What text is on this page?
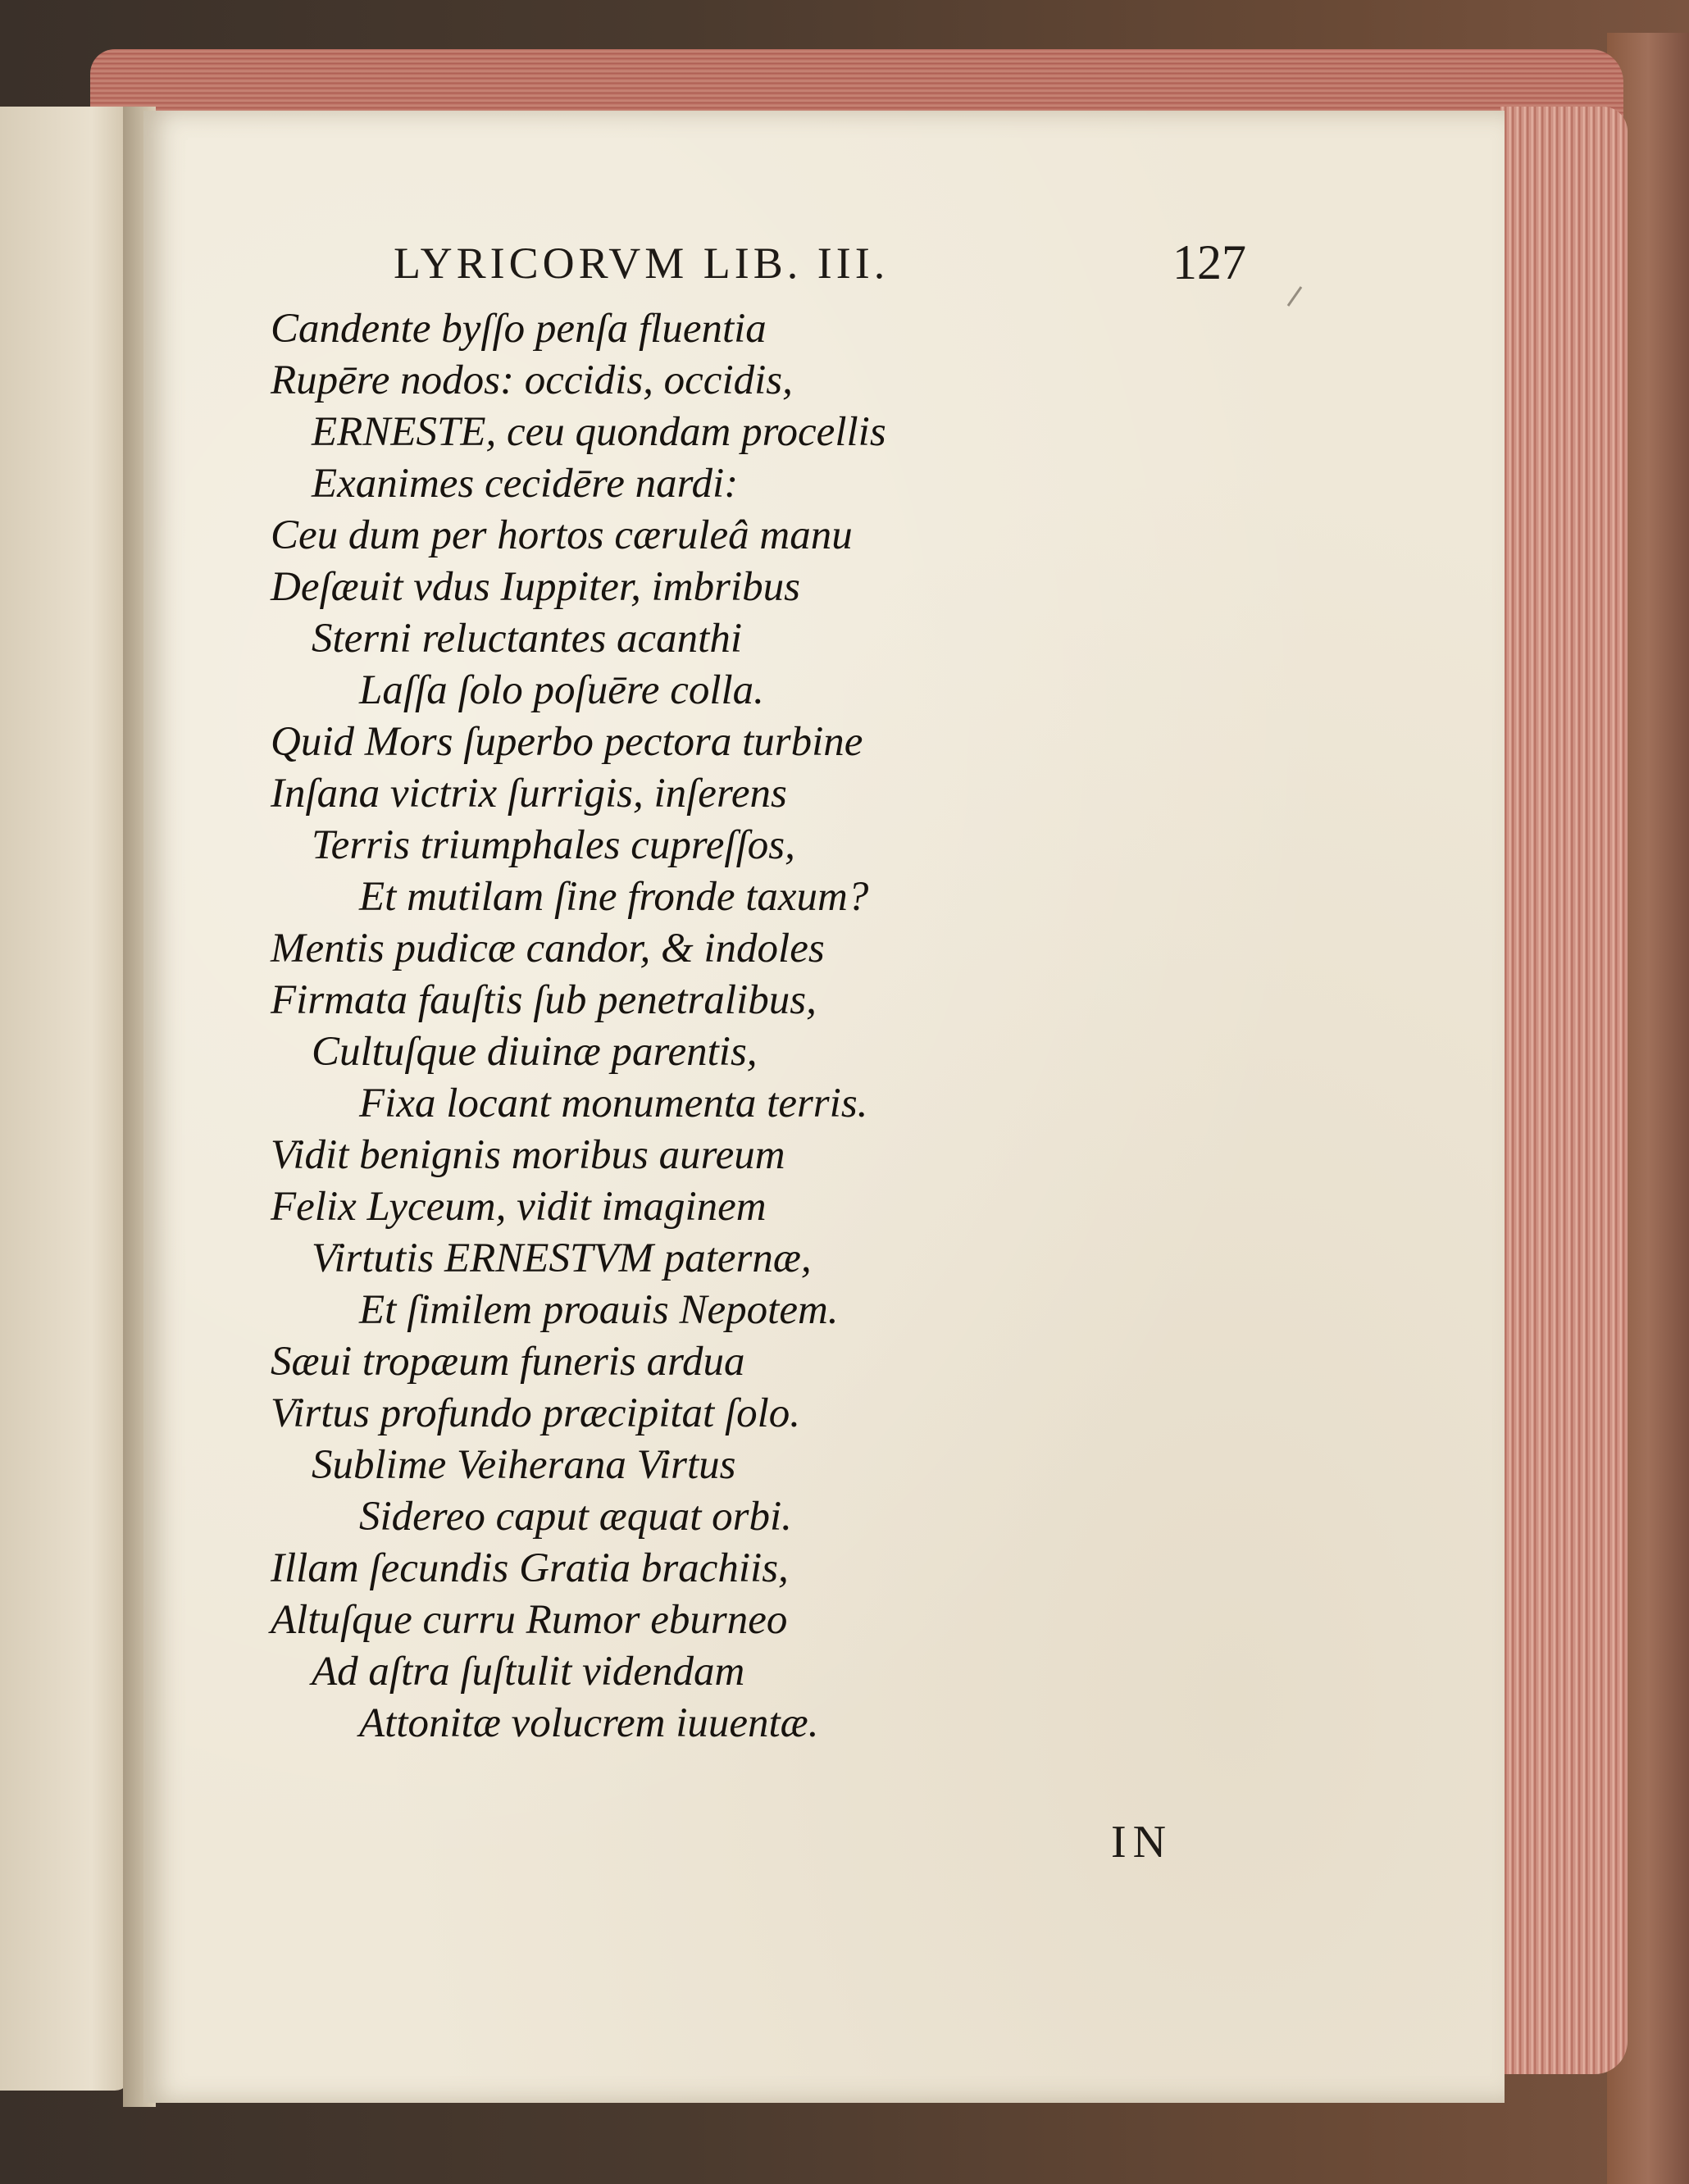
LYRICORVM LIB. III.	127
Candente byſſo penſa fluentia
Rupēre nodos: occidis, occidis,
ERNESTE, ceu quondam procellis
Exanimes cecidēre nardi:
Ceu dum per hortos cæruleâ manu
Deſæuit vdus Iuppiter, imbribus
Sterni reluctantes acanthi
Laſſa ſolo poſuēre colla.
Quid Mors ſuperbo pectora turbine
Inſana victrix ſurrigis, inſerens
Terris triumphales cupreſſos,
Et mutilam ſine fronde taxum?
Mentis pudicæ candor, & indoles
Firmata fauſtis ſub penetralibus,
Cultuſque diuinæ parentis,
Fixa locant monumenta terris.
Vidit benignis moribus aureum
Felix Lyceum, vidit imaginem
Virtutis ERNESTVM paternæ,
Et ſimilem proauis Nepotem.
Sæui tropæum funeris ardua
Virtus profundo præcipitat ſolo.
Sublime Veiherana Virtus
Sidereo caput æquat orbi.
Illam ſecundis Gratia brachiis,
Altuſque curru Rumor eburneo
Ad aſtra ſuſtulit videndam
Attonitæ volucrem iuuentæ.
IN
